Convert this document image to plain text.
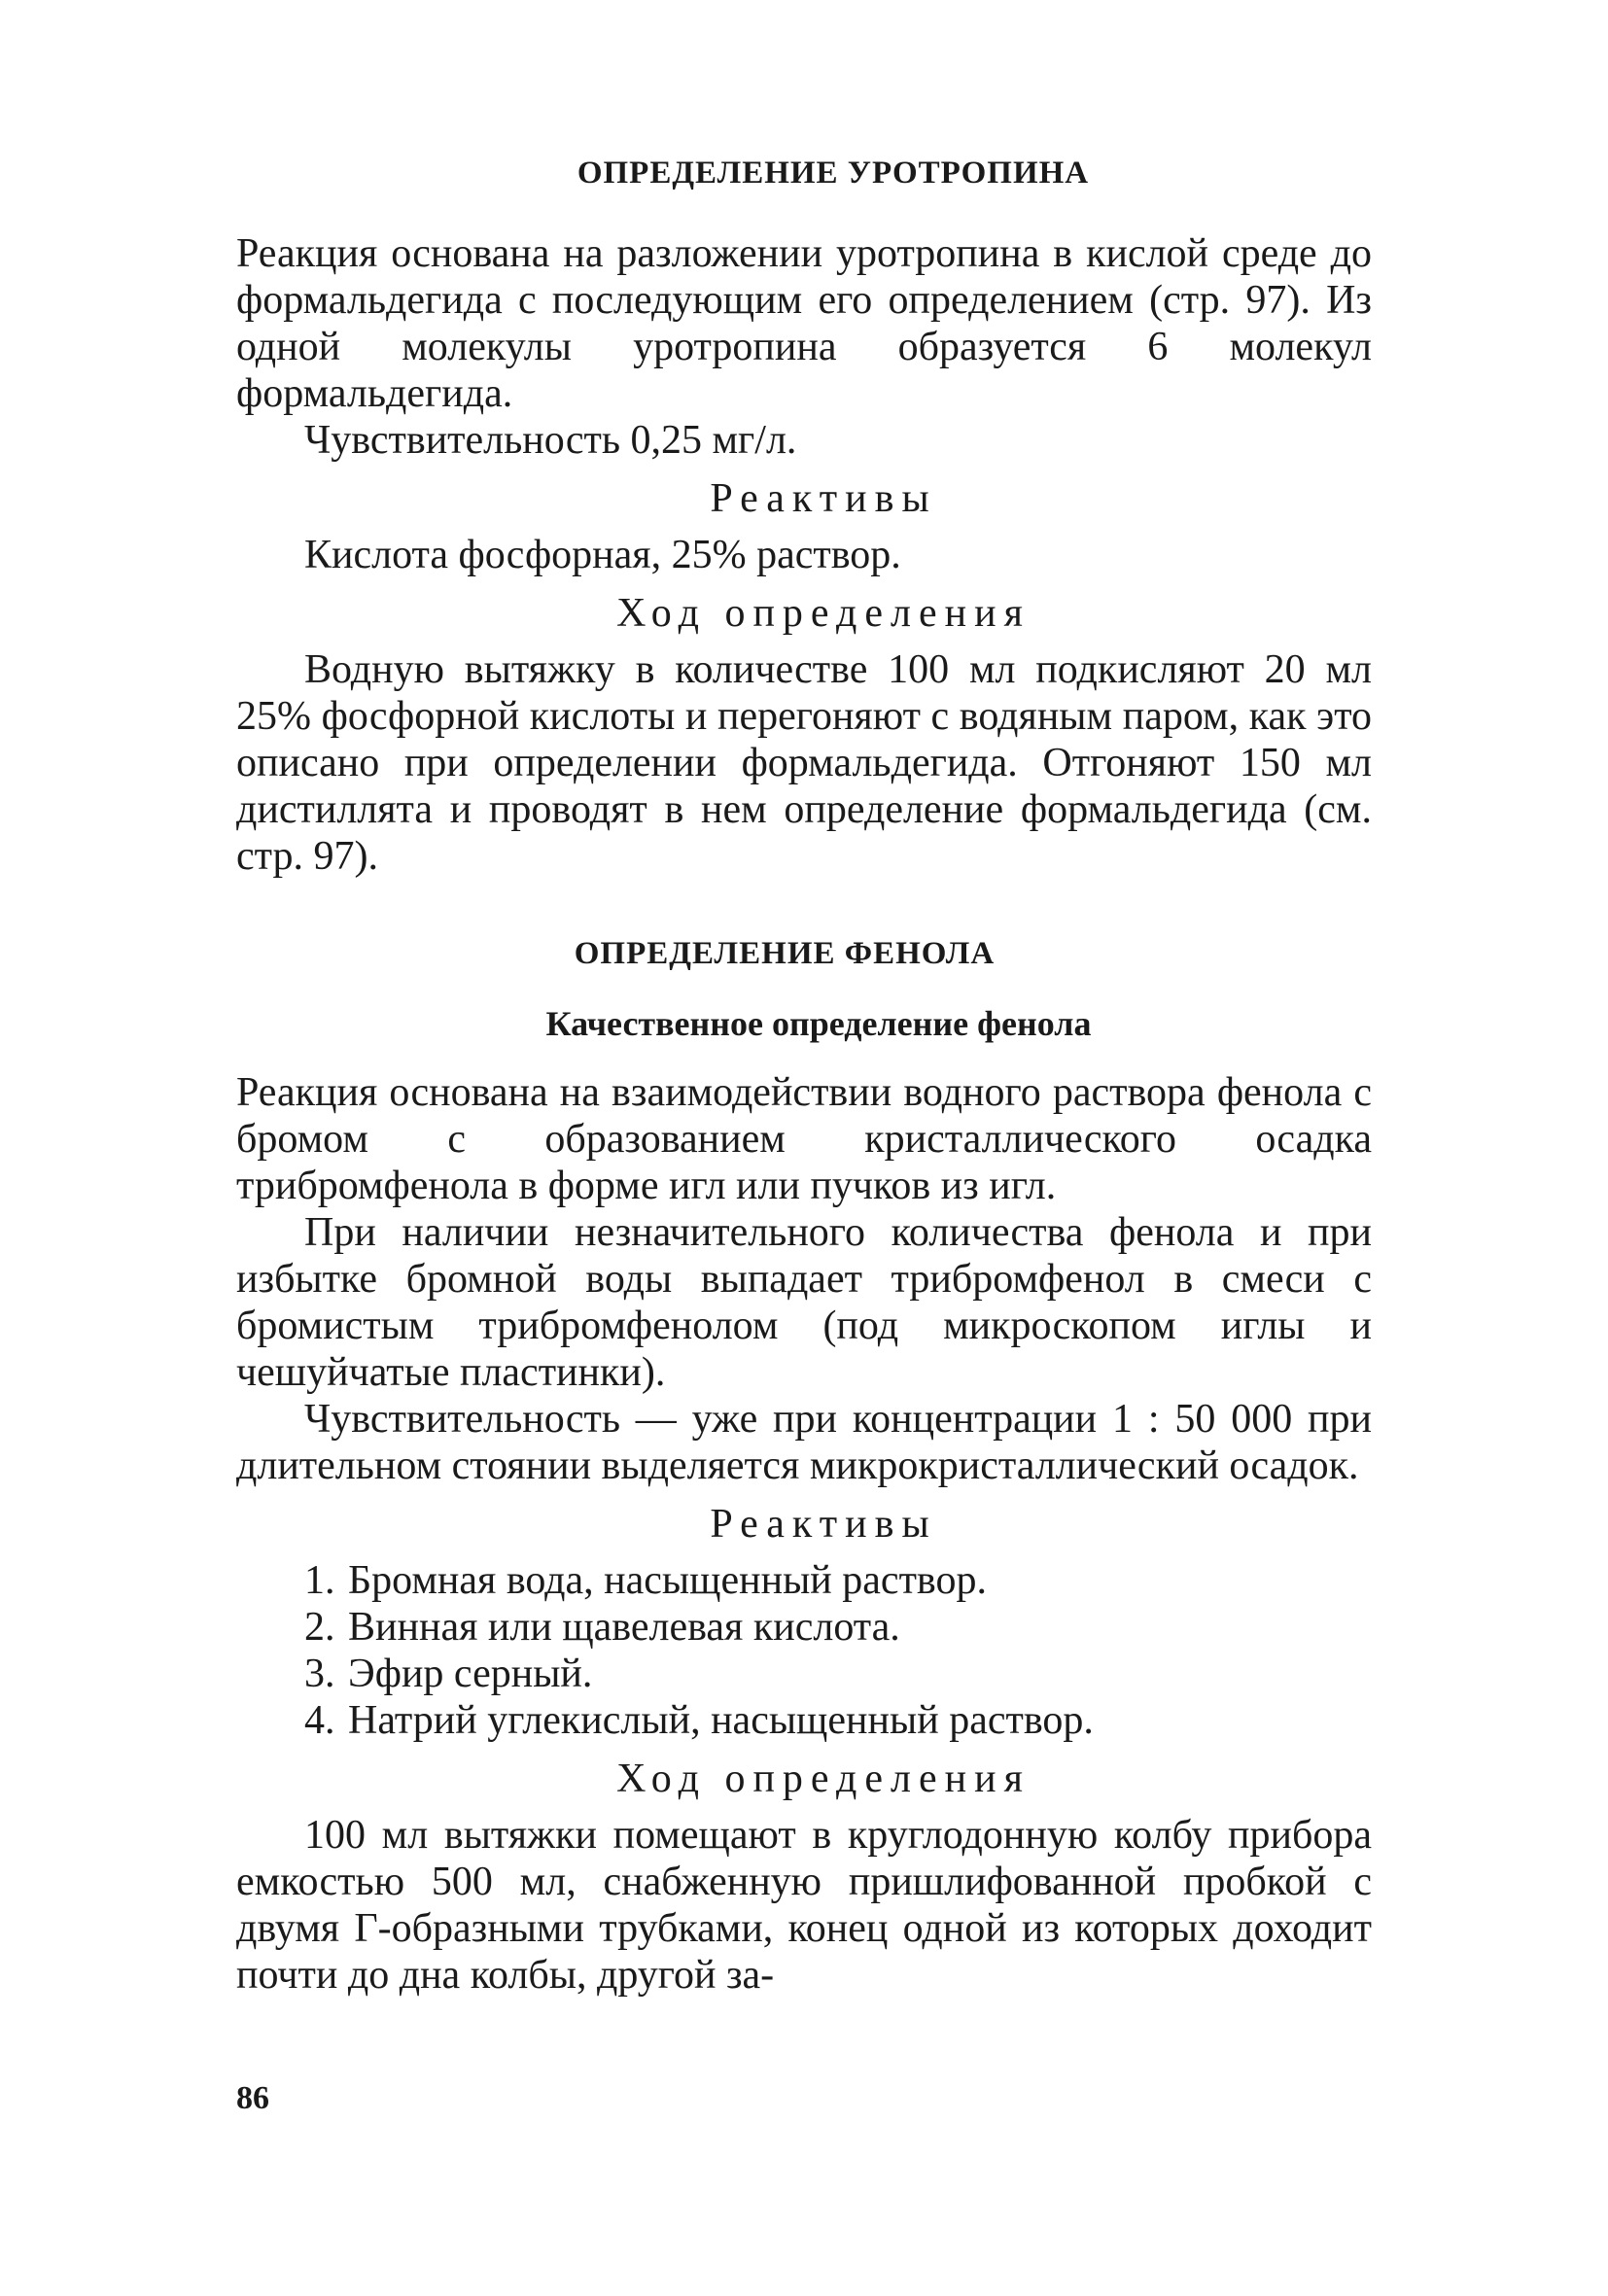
ОПРЕДЕЛЕНИЕ УРОТРОПИНА

Реакция основана на разложении уротропина в кислой среде до формальдегида с последующим его определением (стр. 97). Из одной молекулы уротропина образуется 6 молекул формальдегида.

Чувствительность 0,25 мг/л.

Реактивы

Кислота фосфорная, 25% раствор.

Ход определения

Водную вытяжку в количестве 100 мл подкисляют 20 мл 25% фосфорной кислоты и перегоняют с водяным паром, как это описано при определении формальдегида. Отгоняют 150 мл дистиллята и проводят в нем определение формальдегида (см. стр. 97).

ОПРЕДЕЛЕНИЕ ФЕНОЛА
Качественное определение фенола

Реакция основана на взаимодействии водного раствора фенола с бромом с образованием кристаллического осадка трибромфенола в форме игл или пучков из игл.

При наличии незначительного количества фенола и при избытке бромной воды выпадает трибромфенол в смеси с бромистым трибромфенолом (под микроскопом иглы и чешуйчатые пластинки).

Чувствительность — уже при концентрации 1 : 50 000 при длительном стоянии выделяется микрокристаллический осадок.

Реактивы
1. Бромная вода, насыщенный раствор.
2. Винная или щавелевая кислота.
3. Эфир серный.
4. Натрий углекислый, насыщенный раствор.
Ход определения

100 мл вытяжки помещают в круглодонную колбу прибора емкостью 500 мл, снабженную пришлифованной пробкой с двумя Г-образными трубками, конец одной из которых доходит почти до дна колбы, другой за-

86
